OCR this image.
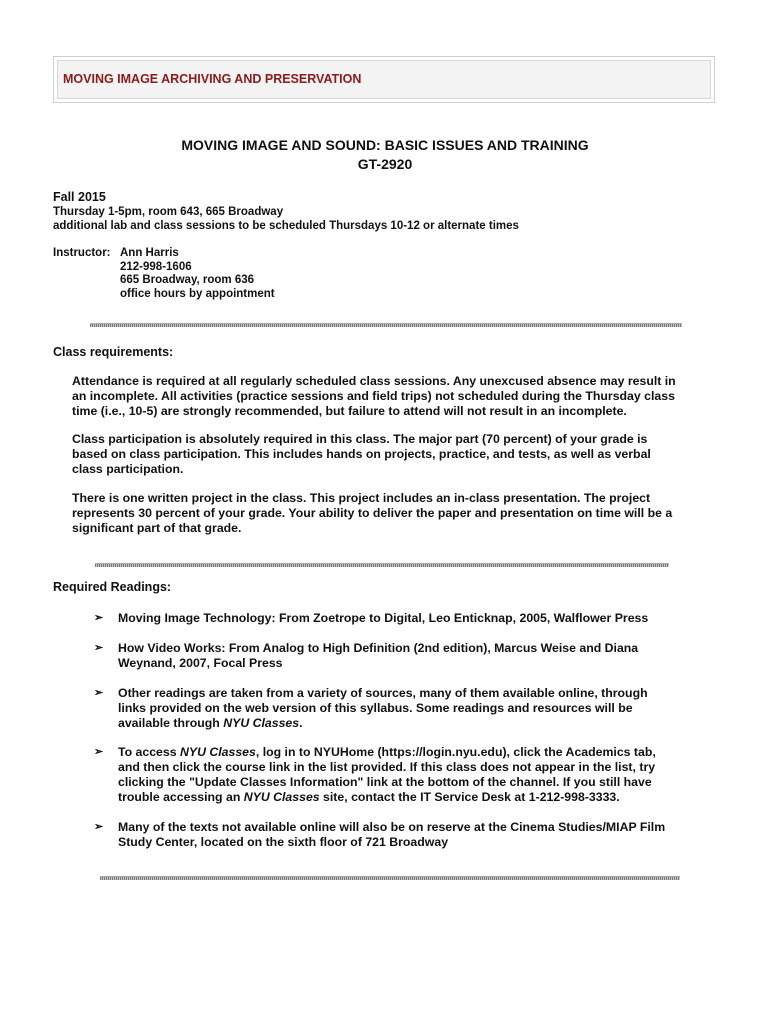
MOVING IMAGE ARCHIVING AND PRESERVATION
MOVING IMAGE AND SOUND: BASIC ISSUES AND TRAINING
GT-2920
Fall 2015
Thursday 1-5pm, room 643, 665 Broadway
additional lab and class sessions to be scheduled Thursdays 10-12 or alternate times
Instructor: Ann Harris
212-998-1606
665 Broadway, room 636
office hours by appointment
Class requirements:

Attendance is required at all regularly scheduled class sessions. Any unexcused absence may result in an incomplete. All activities (practice sessions and field trips) not scheduled during the Thursday class time (i.e., 10-5) are strongly recommended, but failure to attend will not result in an incomplete.

Class participation is absolutely required in this class. The major part (70 percent) of your grade is based on class participation. This includes hands on projects, practice, and tests, as well as verbal class participation.

There is one written project in the class. This project includes an in-class presentation. The project represents 30 percent of your grade. Your ability to deliver the paper and presentation on time will be a significant part of that grade.

Required Readings:
➢ Moving Image Technology: From Zoetrope to Digital, Leo Enticknap, 2005, Walflower Press
➢ How Video Works: From Analog to High Definition (2nd edition), Marcus Weise and Diana Weynand, 2007, Focal Press
➢ Other readings are taken from a variety of sources, many of them available online, through links provided on the web version of this syllabus. Some readings and resources will be available through NYU Classes.
➢ To access NYU Classes, log in to NYUHome (https://login.nyu.edu), click the Academics tab, and then click the course link in the list provided. If this class does not appear in the list, try clicking the "Update Classes Information" link at the bottom of the channel. If you still have trouble accessing an NYU Classes site, contact the IT Service Desk at 1-212-998-3333.
➢ Many of the texts not available online will also be on reserve at the Cinema Studies/MIAP Film Study Center, located on the sixth floor of 721 Broadway
